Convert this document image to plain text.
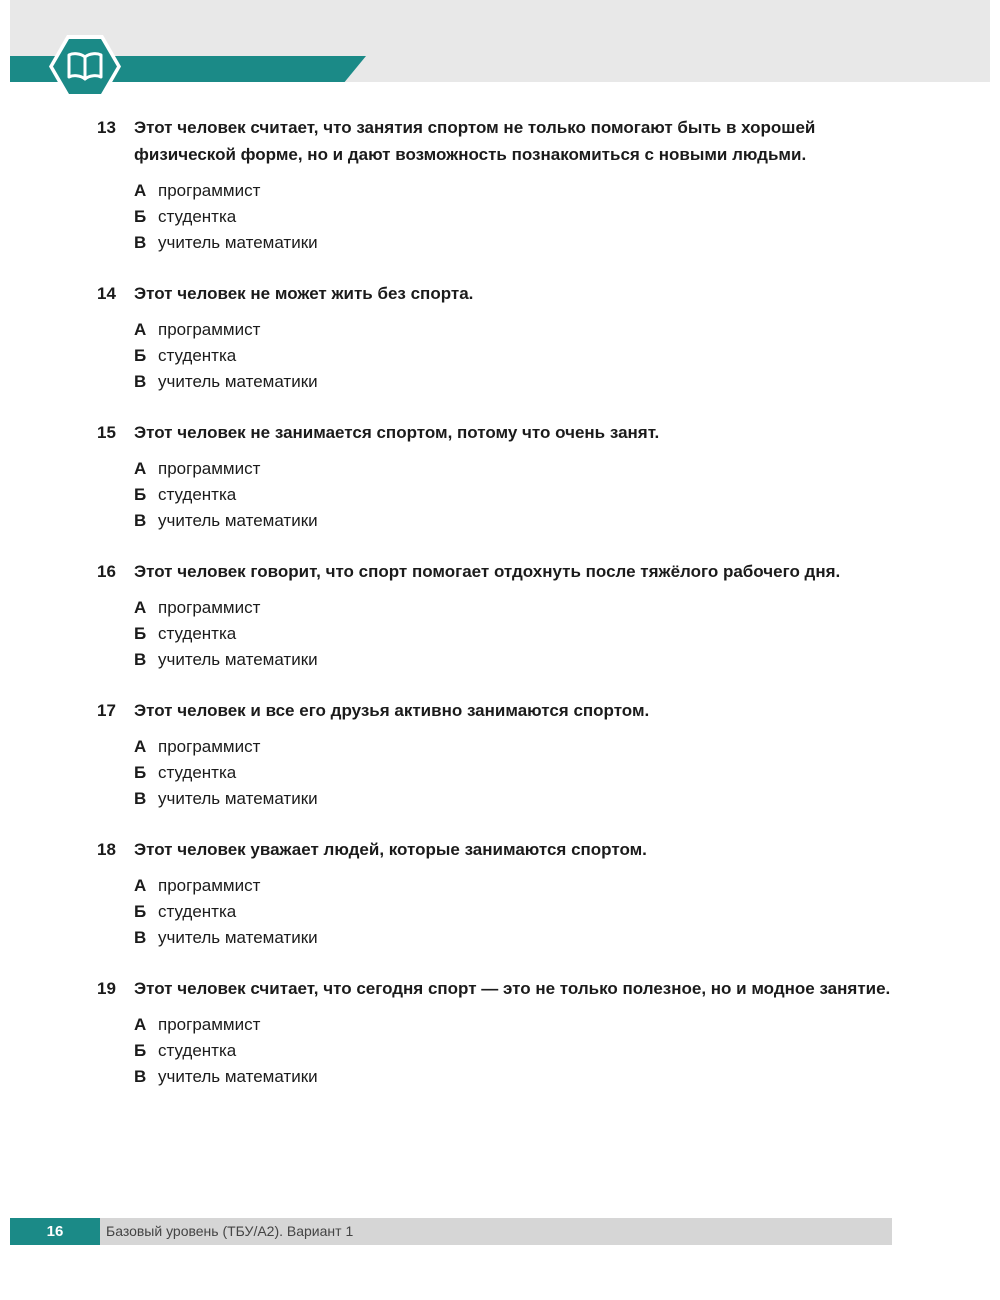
13	Этот человек считает, что занятия спортом не только помогают быть в хорошей физической форме, но и дают возможность познакомиться с новыми людьми.
А программист
Б студентка
В учитель математики
14	Этот человек не может жить без спорта.
А программист
Б студентка
В учитель математики
15	Этот человек не занимается спортом, потому что очень занят.
А программист
Б студентка
В учитель математики
16	Этот человек говорит, что спорт помогает отдохнуть после тяжёлого рабочего дня.
А программист
Б студентка
В учитель математики
17	Этот человек и все его друзья активно занимаются спортом.
А программист
Б студентка
В учитель математики
18	Этот человек уважает людей, которые занимаются спортом.
А программист
Б студентка
В учитель математики
19	Этот человек считает, что сегодня спорт — это не только полезное, но и модное занятие.
А программист
Б студентка
В учитель математики
16	Базовый уровень (ТБУ/А2). Вариант 1
